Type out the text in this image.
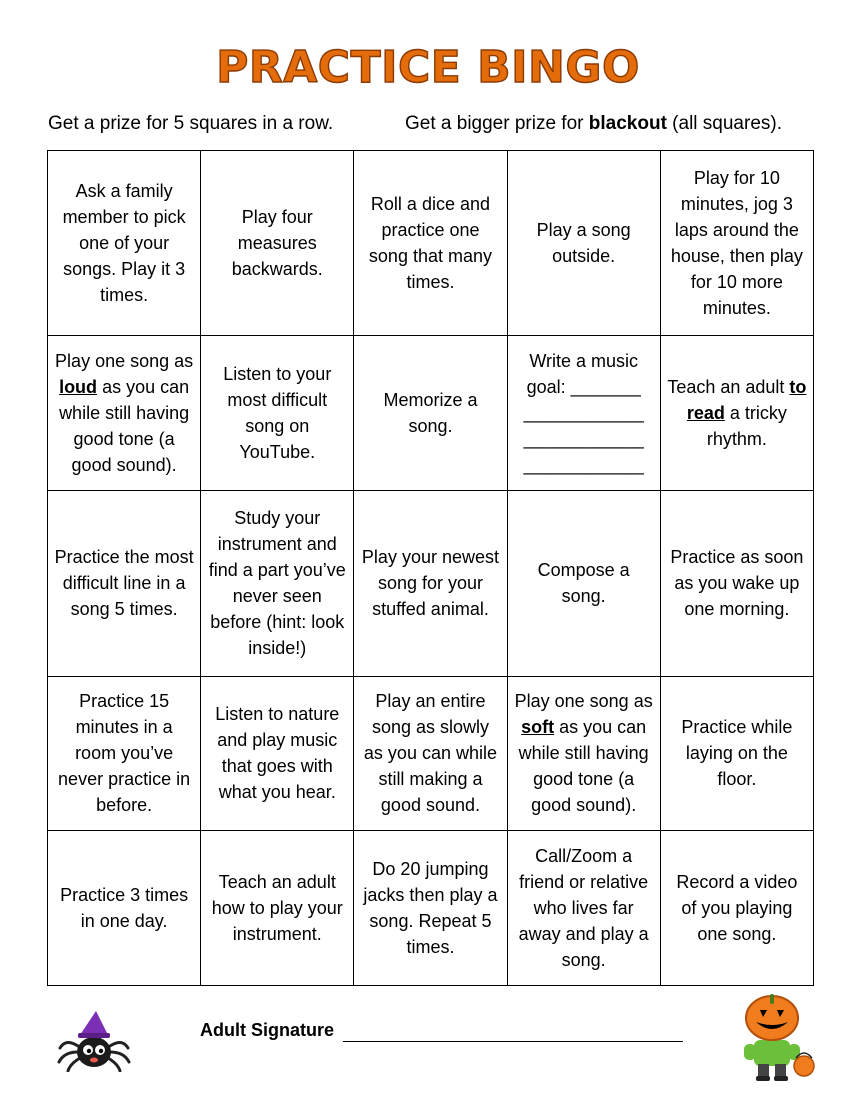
PRACTICE BINGO
Get a prize for 5 squares in a row.	Get a bigger prize for blackout (all squares).
Ask a family member to pick one of your songs. Play it 3 times.	Play four measures backwards.	Roll a dice and practice one song that many times.	Play a song outside.	Play for 10 minutes, jog 3 laps around the house, then play for 10 more minutes.
Play one song as loud as you can while still having good tone (a good sound).	Listen to your most difficult song on YouTube.	Memorize a song.	Write a music goal: _______ ____________ ____________ ____________	Teach an adult to read a tricky rhythm.
Practice the most difficult line in a song 5 times.	Study your instrument and find a part you’ve never seen before (hint: look inside!)	Play your newest song for your stuffed animal.	Compose a song.	Practice as soon as you wake up one morning.
Practice 15 minutes in a room you’ve never practice in before.	Listen to nature and play music that goes with what you hear.	Play an entire song as slowly as you can while still making a good sound.	Play one song as soft as you can while still having good tone (a good sound).	Practice while laying on the floor.
Practice 3 times in one day.	Teach an adult how to play your instrument.	Do 20 jumping jacks then play a song. Repeat 5 times.	Call/Zoom a friend or relative who lives far away and play a song.	Record a video of you playing one song.
Adult Signature
